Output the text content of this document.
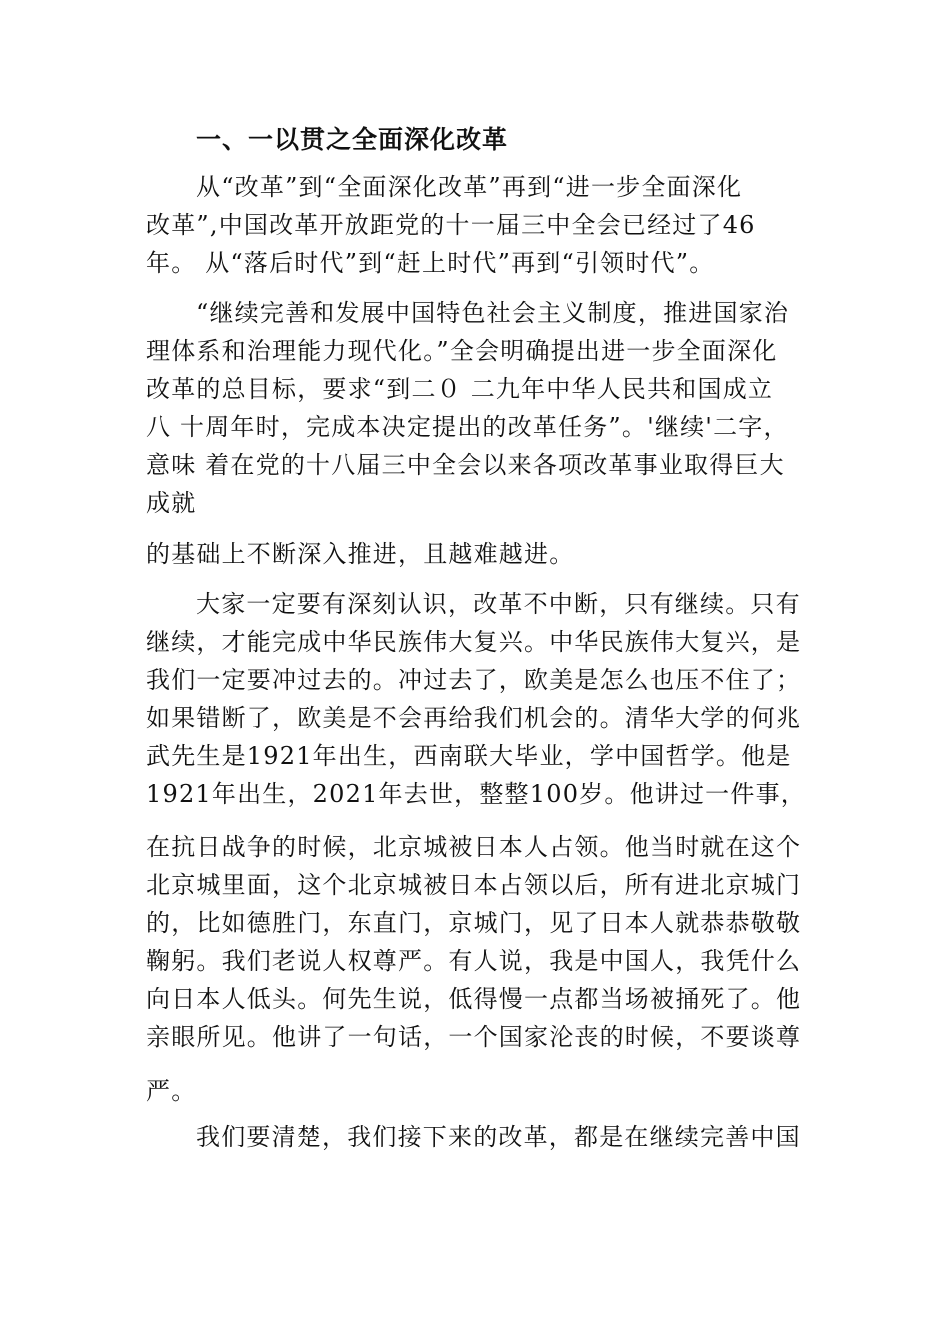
一、一以贯之全面深化改革
从“改革”到“全面深化改革”再到“进一步全面深化
改革”,中国改革开放距党的十一届三中全会已经过了46
年。 从“落后时代”到“赶上时代”再到“引领时代”。
“继续完善和发展中国特色社会主义制度，推进国家治
理体系和治理能力现代化。”全会明确提出进一步全面深化
改革的总目标，要求“到二０ 二九年中华人民共和国成立
八 十周年时，完成本决定提出的改革任务”。'继续'二字，
意味 着在党的十八届三中全会以来各项改革事业取得巨大
成就
的基础上不断深入推进，且越难越进。
大家一定要有深刻认识，改革不中断，只有继续。只有
继续，才能完成中华民族伟大复兴。中华民族伟大复兴，是
我们一定要冲过去的。冲过去了，欧美是怎么也压不住了；
如果错断了，欧美是不会再给我们机会的。清华大学的何兆
武先生是1921年出生，西南联大毕业，学中国哲学。他是
1921年出生，2021年去世，整整100岁。他讲过一件事，
在抗日战争的时候，北京城被日本人占领。他当时就在这个
北京城里面，这个北京城被日本占领以后，所有进北京城门
的，比如德胜门，东直门，京城门，见了日本人就恭恭敬敬
鞠躬。我们老说人权尊严。有人说，我是中国人，我凭什么
向日本人低头。何先生说，低得慢一点都当场被捅死了。他
亲眼所见。他讲了一句话，一个国家沦丧的时候，不要谈尊
严。
我们要清楚，我们接下来的改革，都是在继续完善中国
